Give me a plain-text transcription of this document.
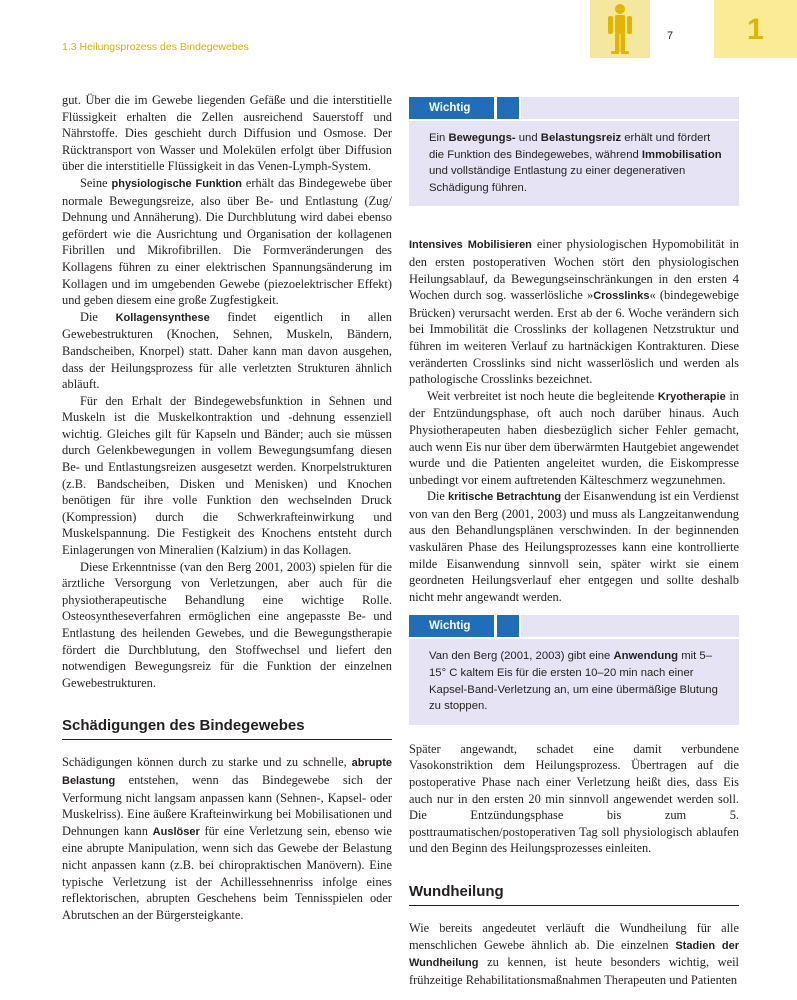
1.3 Heilungsprozess des Bindegewebes
7 1

gut. Über die im Gewebe liegenden Gefäße und die interstitielle Flüssigkeit erhalten die Zellen ausreichend Sauerstoff und Nährstoffe. Dies geschieht durch Diffusion und Osmose. Der Rücktransport von Wasser und Molekülen erfolgt über Diffusion über die interstitielle Flüssigkeit in das Venen-Lymph-System.

Seine physiologische Funktion erhält das Bindegewebe über normale Bewegungsreize, also über Be- und Entlastung (Zug/ Dehnung und Annäherung). Die Durchblutung wird dabei ebenso gefördert wie die Ausrichtung und Organisation der kollagenen Fibrillen und Mikrofibrillen. Die Formveränderungen des Kollagens führen zu einer elektrischen Spannungsänderung im Kollagen und im umgebenden Gewebe (piezoelektrischer Effekt) und geben diesem eine große Zugfestigkeit.

Die Kollagensynthese findet eigentlich in allen Gewebestrukturen (Knochen, Sehnen, Muskeln, Bändern, Bandscheiben, Knorpel) statt. Daher kann man davon ausgehen, dass der Heilungsprozess für alle verletzten Strukturen ähnlich abläuft.

Für den Erhalt der Bindegewebsfunktion in Sehnen und Muskeln ist die Muskelkontraktion und -dehnung essenziell wichtig. Gleiches gilt für Kapseln und Bänder; auch sie müssen durch Gelenkbewegungen in vollem Bewegungsumfang diesen Be- und Entlastungsreizen ausgesetzt werden. Knorpelstrukturen (z.B. Bandscheiben, Disken und Menisken) und Knochen benötigen für ihre volle Funktion den wechselnden Druck (Kompression) durch die Schwerkrafteinwirkung und Muskelspannung. Die Festigkeit des Knochens entsteht durch Einlagerungen von Mineralien (Kalzium) in das Kollagen.

Diese Erkenntnisse (van den Berg 2001, 2003) spielen für die ärztliche Versorgung von Verletzungen, aber auch für die physiotherapeutische Behandlung eine wichtige Rolle. Osteosyntheseverfahren ermöglichen eine angepasste Be- und Entlastung des heilenden Gewebes, und die Bewegungstherapie fördert die Durchblutung, den Stoffwechsel und liefert den notwendigen Bewegungsreiz für die Funktion der einzelnen Gewebestrukturen.

Schädigungen des Bindegewebes

Schädigungen können durch zu starke und zu schnelle, abrupte Belastung entstehen, wenn das Bindegewebe sich der Verformung nicht langsam anpassen kann (Sehnen-, Kapsel- oder Muskelriss). Eine äußere Krafteinwirkung bei Mobilisationen und Dehnungen kann Auslöser für eine Verletzung sein, ebenso wie eine abrupte Manipulation, wenn sich das Gewebe der Belastung nicht anpassen kann (z.B. bei chiropraktischen Manövern). Eine typische Verletzung ist der Achillessehnenriss infolge eines reflektorischen, abrupten Geschehens beim Tennisspielen oder Abrutschen an der Bürgersteigkante.

Wichtig
Ein Bewegungs- und Belastungsreiz erhält und fördert die Funktion des Bindegewebes, während Immobilisation und vollständige Entlastung zu einer degenerativen Schädigung führen.

Intensives Mobilisieren einer physiologischen Hypomobilität in den ersten postoperativen Wochen stört den physiologischen Heilungsablauf, da Bewegungseinschränkungen in den ersten 4 Wochen durch sog. wasserlösliche »Crosslinks« (bindegewebige Brücken) verursacht werden. Erst ab der 6. Woche verändern sich bei Immobilität die Crosslinks der kollagenen Netzstruktur und führen im weiteren Verlauf zu hartnäckigen Kontrakturen. Diese veränderten Crosslinks sind nicht wasserlöslich und werden als pathologische Crosslinks bezeichnet.

Weit verbreitet ist noch heute die begleitende Kryotherapie in der Entzündungsphase, oft auch noch darüber hinaus. Auch Physiotherapeuten haben diesbezüglich sicher Fehler gemacht, auch wenn Eis nur über dem überwärmten Hautgebiet angewendet wurde und die Patienten angeleitet wurden, die Eiskompresse unbedingt vor einem auftretenden Kälteschmerz wegzunehmen.

Die kritische Betrachtung der Eisanwendung ist ein Verdienst von van den Berg (2001, 2003) und muss als Langzeitanwendung aus den Behandlungsplänen verschwinden. In der beginnenden vaskulären Phase des Heilungsprozesses kann eine kontrollierte milde Eisanwendung sinnvoll sein, später wirkt sie einem geordneten Heilungsverlauf eher entgegen und sollte deshalb nicht mehr angewandt werden.

Wichtig
Van den Berg (2001, 2003) gibt eine Anwendung mit 5–15° C kaltem Eis für die ersten 10–20 min nach einer Kapsel-Band-Verletzung an, um eine übermäßige Blutung zu stoppen.

Später angewandt, schadet eine damit verbundene Vasokonstriktion dem Heilungsprozess. Übertragen auf die postoperative Phase nach einer Verletzung heißt dies, dass Eis auch nur in den ersten 20 min sinnvoll angewendet werden soll. Die Entzündungsphase bis zum 5. posttraumatischen/postoperativen Tag soll physiologisch ablaufen und den Beginn des Heilungsprozesses einleiten.

Wundheilung

Wie bereits angedeutet verläuft die Wundheilung für alle menschlichen Gewebe ähnlich ab. Die einzelnen Stadien der Wundheilung zu kennen, ist heute besonders wichtig, weil frühzeitige Rehabilitationsmaßnahmen Therapeuten und Patienten
